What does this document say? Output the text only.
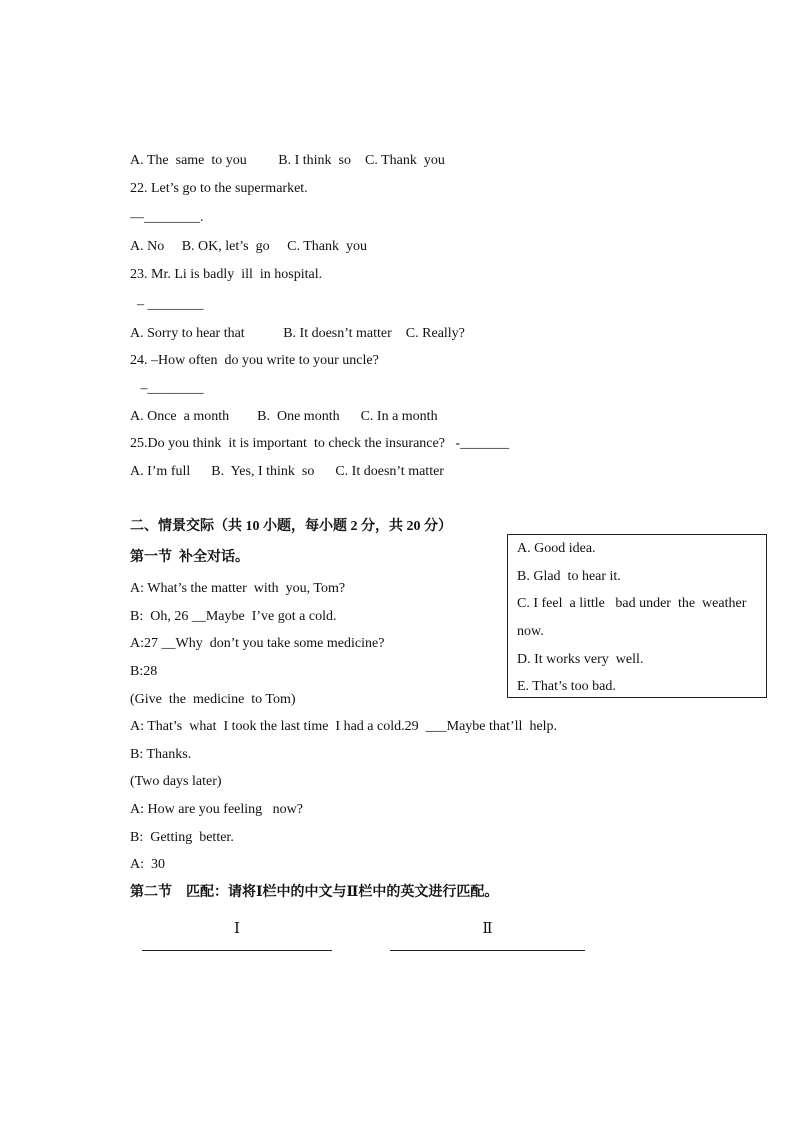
A. The  same  to you         B. I think  so    C. Thank  you
22. Let’s go to the supermarket.
—________.
A. No     B. OK, let’s  go     C. Thank  you
23. Mr. Li is badly  ill  in hospital.
– ________
A. Sorry to hear that           B. It doesn’t matter    C. Really?
24. –How often  do you write to your uncle?
–________
A. Once  a month        B.  One month      C. In a month
25.Do you think  it is important  to check the insurance?   -_______
A. I’m full      B.  Yes, I think  so      C. It doesn’t matter
二、情景交际（共 10 小题，每小题 2 分，共 20 分）
第一节  补全对话。
A: What’s the matter  with  you, Tom?
B:  Oh, 26 __Maybe  I’ve got a cold.
A:27 __Why  don’t you take some medicine?
B:28
(Give  the  medicine  to Tom)
A: That’s  what  I took the last time  I had a cold.29  ___Maybe that’ll  help.
B: Thanks.
(Two days later)
A: How are you feeling   now?
B:  Getting  better.
A:  30
第二节    匹配：请将Ⅰ栏中的中文与Ⅱ栏中的英文进行匹配。
A. Good idea.
B. Glad  to hear it.
C. I feel  a little   bad under  the  weather
now.
D. It works very  well.
E. That’s too bad.
Ⅰ	Ⅱ
